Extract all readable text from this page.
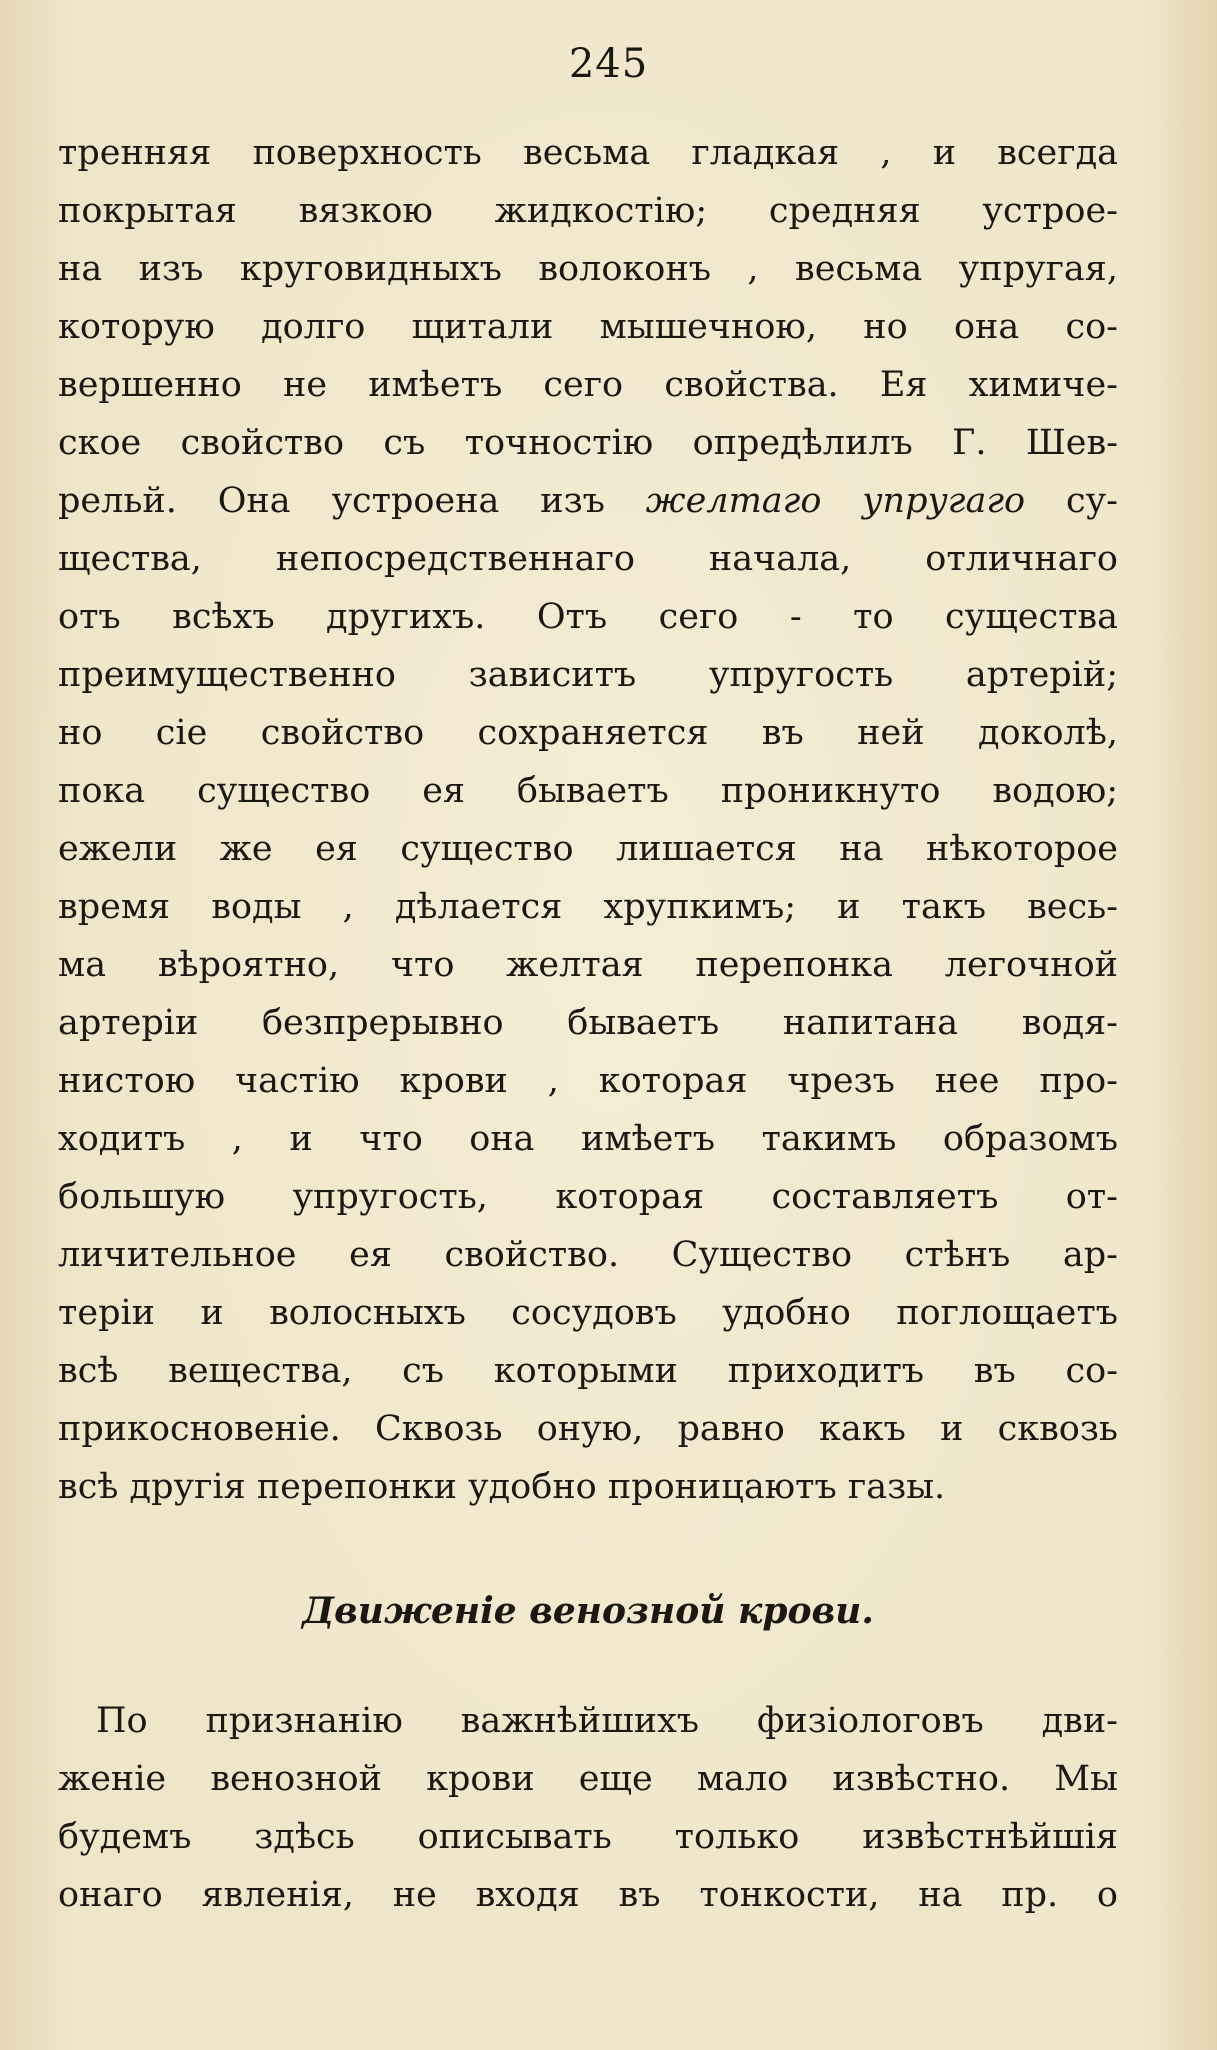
245
тренняя поверхность весьма гладкая , и всегда
покрытая вязкою жидкостію; средняя устрое-
на изъ круговидныхъ волоконъ , весьма упругая,
которую долго щитали мышечною, но она со-
вершенно не имѣетъ сего свойства. Ея химиче-
ское свойство съ точностію опредѣлилъ Г. Шев-
рельй. Она устроена изъ желтаго упругаго су-
щества, непосредственнаго начала, отличнаго
отъ всѣхъ другихъ. Отъ сего - то существа
преимущественно зависитъ упругость артерій;
но сіе свойство сохраняется въ ней доколѣ,
пока существо ея бываетъ проникнуто водою;
ежели же ея существо лишается на нѣкоторое
время воды , дѣлается хрупкимъ; и такъ весь-
ма вѣроятно, что желтая перепонка легочной
артеріи безпрерывно бываетъ напитана водя-
нистою частію крови , которая чрезъ нее про-
ходитъ , и что она имѣетъ такимъ образомъ
большую упругость, которая составляетъ от-
личительное ея свойство. Существо стѣнъ ар-
теріи и волосныхъ сосудовъ удобно поглощаетъ
всѣ вещества, съ которыми приходитъ въ со-
прикосновеніе. Сквозь оную, равно какъ и сквозь
всѣ другія перепонки удобно проницаютъ газы.
Движеніе венозной крови.
По признанію важнѣйшихъ физіологовъ дви-
женіе венозной крови еще мало извѣстно. Мы
будемъ здѣсь описывать только извѣстнѣйшія
онаго явленія, не входя въ тонкости, на пр. о
